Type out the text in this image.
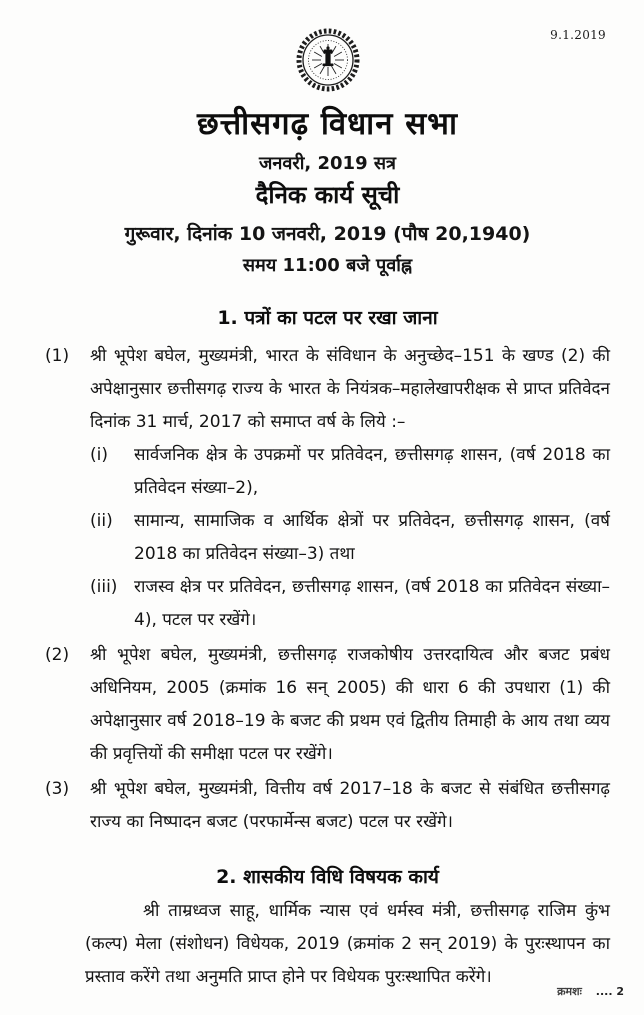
9.1.2019
छत्तीसगढ़ विधान सभा
जनवरी, 2019 सत्र
दैनिक कार्य सूची
गुरूवार, दिनांक 10 जनवरी, 2019 (पौष 20,1940)
समय 11:00 बजे पूर्वाह्न
1. पत्रों का पटल पर रखा जाना
(1)	श्री भूपेश बघेल, मुख्यमंत्री, भारत के संविधान के अनुच्छेद–151 के खण्ड (2) की अपेक्षानुसार छत्तीसगढ़ राज्य के भारत के नियंत्रक–महालेखापरीक्षक से प्राप्त प्रतिवेदन दिनांक 31 मार्च, 2017 को समाप्त वर्ष के लिये :–
(i)	सार्वजनिक क्षेत्र के उपक्रमों पर प्रतिवेदन, छत्तीसगढ़ शासन, (वर्ष 2018 का प्रतिवेदन संख्या–2),
(ii)	सामान्य, सामाजिक व आर्थिक क्षेत्रों पर प्रतिवेदन, छत्तीसगढ़ शासन, (वर्ष 2018 का प्रतिवेदन संख्या–3) तथा
(iii) राजस्व क्षेत्र पर प्रतिवेदन, छत्तीसगढ़ शासन, (वर्ष 2018 का प्रतिवेदन संख्या–4), पटल पर रखेंगे।
(2)	श्री भूपेश बघेल, मुख्यमंत्री, छत्तीसगढ़ राजकोषीय उत्तरदायित्व और बजट प्रबंध अधिनियम, 2005 (क्रमांक 16 सन् 2005) की धारा 6 की उपधारा (1) की अपेक्षानुसार वर्ष 2018–19 के बजट की प्रथम एवं द्वितीय तिमाही के आय तथा व्यय की प्रवृत्तियों की समीक्षा पटल पर रखेंगे।
(3)	श्री भूपेश बघेल, मुख्यमंत्री, वित्तीय वर्ष 2017–18 के बजट से संबंधित छत्तीसगढ़ राज्य का निष्पादन बजट (परफार्मेन्स बजट) पटल पर रखेंगे।
2. शासकीय विधि विषयक कार्य

श्री ताम्रध्वज साहू, धार्मिक न्यास एवं धर्मस्व मंत्री, छत्तीसगढ़ राजिम कुंभ (कल्प) मेला (संशोधन) विधेयक, 2019 (क्रमांक 2 सन् 2019) के पुरःस्थापन का प्रस्ताव करेंगे तथा अनुमति प्राप्त होने पर विधेयक पुरःस्थापित करेंगे।

क्रमशः .... 2
